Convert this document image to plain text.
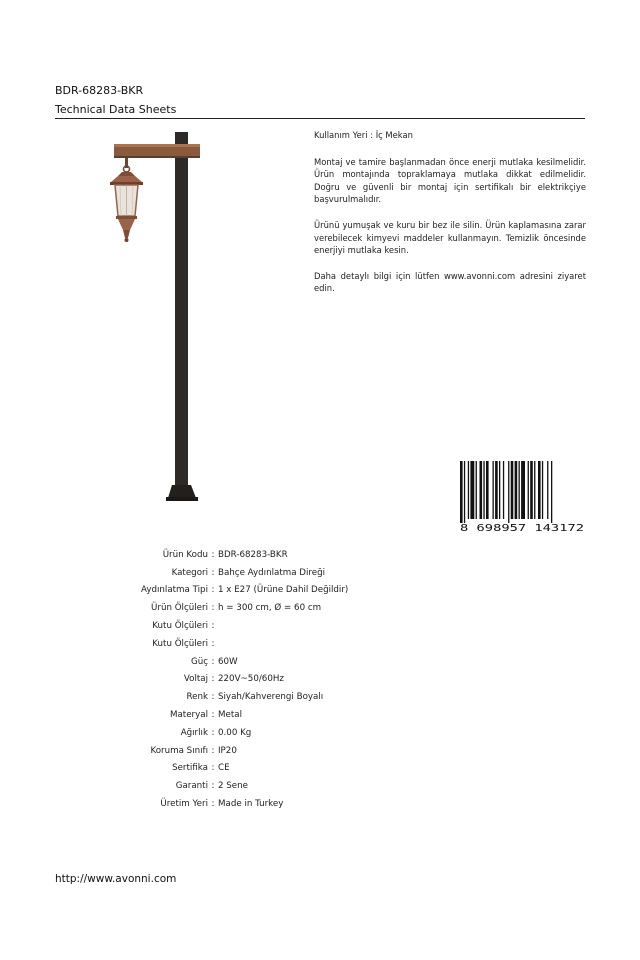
BDR-68283-BKR
Technical Data Sheets

Kullanım Yeri : İç Mekan

Montaj ve tamire başlanmadan önce enerji mutlaka kesilmelidir. Ürün montajında topraklamaya mutlaka dikkat edilmelidir. Doğru ve güvenli bir montaj için sertifikalı bir elektrikçiye başvurulmalıdır.

Ürünü yumuşak ve kuru bir bez ile silin. Ürün kaplamasına zarar verebilecek kimyevi maddeler kullanmayın. Temizlik öncesinde enerjiyi mutlaka kesin.

Daha detaylı bilgi için lütfen www.avonni.com adresini ziyaret edin.

8 698957 143172
Ürün Kodu : BDR-68283-BKR
Kategori : Bahçe Aydınlatma Direği
Aydınlatma Tipi : 1 x E27 (Ürüne Dahil Değildir)
Ürün Ölçüleri : h = 300 cm, Ø = 60 cm
Kutu Ölçüleri :
Kutu Ölçüleri :
Güç : 60W
Voltaj : 220V~50/60Hz
Renk : Siyah/Kahverengi Boyalı
Materyal : Metal
Ağırlık : 0.00 Kg
Koruma Sınıfı : IP20
Sertifika : CE
Garanti : 2 Sene
Üretim Yeri : Made in Turkey
http://www.avonni.com
